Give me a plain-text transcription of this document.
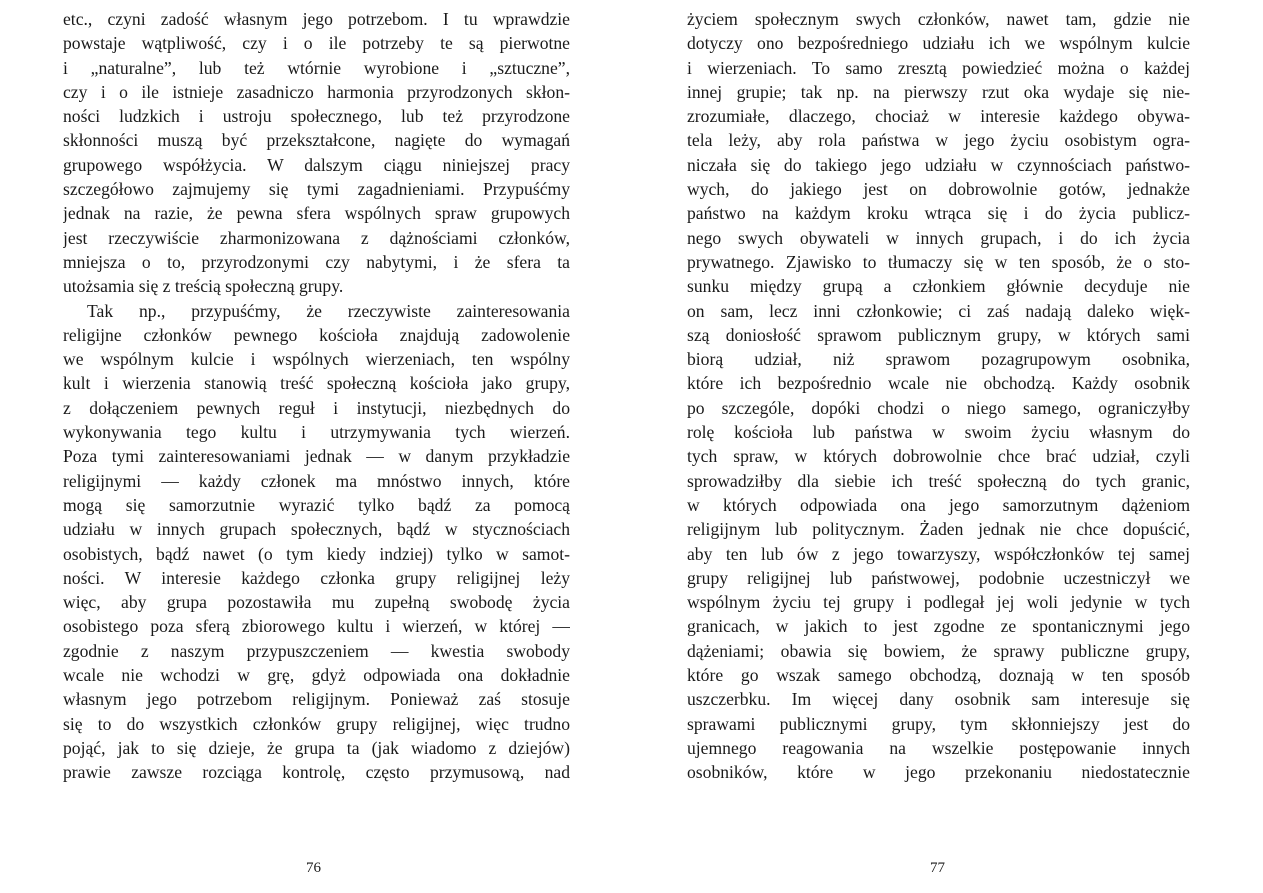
etc., czyni zadość własnym jego potrzebom. I tu wprawdzie
powstaje wątpliwość, czy i o ile potrzeby te są pierwotne
i „naturalne”, lub też wtórnie wyrobione i „sztuczne”,
czy i o ile istnieje zasadniczo harmonia przyrodzonych skłon-
ności ludzkich i ustroju społecznego, lub też przyrodzone
skłonności muszą być przekształcone, nagięte do wymagań
grupowego współżycia. W dalszym ciągu niniejszej pracy
szczegółowo zajmujemy się tymi zagadnieniami. Przypuśćmy
jednak na razie, że pewna sfera wspólnych spraw grupowych
jest rzeczywiście zharmonizowana z dążnościami członków,
mniejsza o to, przyrodzonymi czy nabytymi, i że sfera ta
utożsamia się z treścią społeczną grupy.
Tak np., przypuśćmy, że rzeczywiste zainteresowania
religijne członków pewnego kościoła znajdują zadowolenie
we wspólnym kulcie i wspólnych wierzeniach, ten wspólny
kult i wierzenia stanowią treść społeczną kościoła jako grupy,
z dołączeniem pewnych reguł i instytucji, niezbędnych do
wykonywania tego kultu i utrzymywania tych wierzeń.
Poza tymi zainteresowaniami jednak — w danym przykładzie
religijnymi — każdy członek ma mnóstwo innych, które
mogą się samorzutnie wyrazić tylko bądź za pomocą
udziału w innych grupach społecznych, bądź w stycznościach
osobistych, bądź nawet (o tym kiedy indziej) tylko w samot-
ności. W interesie każdego członka grupy religijnej leży
więc, aby grupa pozostawiła mu zupełną swobodę życia
osobistego poza sferą zbiorowego kultu i wierzeń, w której —
zgodnie z naszym przypuszczeniem — kwestia swobody
wcale nie wchodzi w grę, gdyż odpowiada ona dokładnie
własnym jego potrzebom religijnym. Ponieważ zaś stosuje
się to do wszystkich członków grupy religijnej, więc trudno
pojąć, jak to się dzieje, że grupa ta (jak wiadomo z dziejów)
prawie zawsze rozciąga kontrolę, często przymusową, nad
76
życiem społecznym swych członków, nawet tam, gdzie nie
dotyczy ono bezpośredniego udziału ich we wspólnym kulcie
i wierzeniach. To samo zresztą powiedzieć można o każdej
innej grupie; tak np. na pierwszy rzut oka wydaje się nie-
zrozumiałe, dlaczego, chociaż w interesie każdego obywa-
tela leży, aby rola państwa w jego życiu osobistym ogra-
niczała się do takiego jego udziału w czynnościach państwo-
wych, do jakiego jest on dobrowolnie gotów, jednakże
państwo na każdym kroku wtrąca się i do życia publicz-
nego swych obywateli w innych grupach, i do ich życia
prywatnego. Zjawisko to tłumaczy się w ten sposób, że o sto-
sunku między grupą a członkiem głównie decyduje nie
on sam, lecz inni członkowie; ci zaś nadają daleko więk-
szą doniosłość sprawom publicznym grupy, w których sami
biorą udział, niż sprawom pozagrupowym osobnika,
które ich bezpośrednio wcale nie obchodzą. Każdy osobnik
po szczególe, dopóki chodzi o niego samego, ograniczyłby
rolę kościoła lub państwa w swoim życiu własnym do
tych spraw, w których dobrowolnie chce brać udział, czyli
sprowadziłby dla siebie ich treść społeczną do tych granic,
w których odpowiada ona jego samorzutnym dążeniom
religijnym lub politycznym. Żaden jednak nie chce dopuścić,
aby ten lub ów z jego towarzyszy, współczłonków tej samej
grupy religijnej lub państwowej, podobnie uczestniczył we
wspólnym życiu tej grupy i podlegał jej woli jedynie w tych
granicach, w jakich to jest zgodne ze spontanicznymi jego
dążeniami; obawia się bowiem, że sprawy publiczne grupy,
które go wszak samego obchodzą, doznają w ten sposób
uszczerbku. Im więcej dany osobnik sam interesuje się
sprawami publicznymi grupy, tym skłonniejszy jest do
ujemnego reagowania na wszelkie postępowanie innych
osobników, które w jego przekonaniu niedostatecznie
77
